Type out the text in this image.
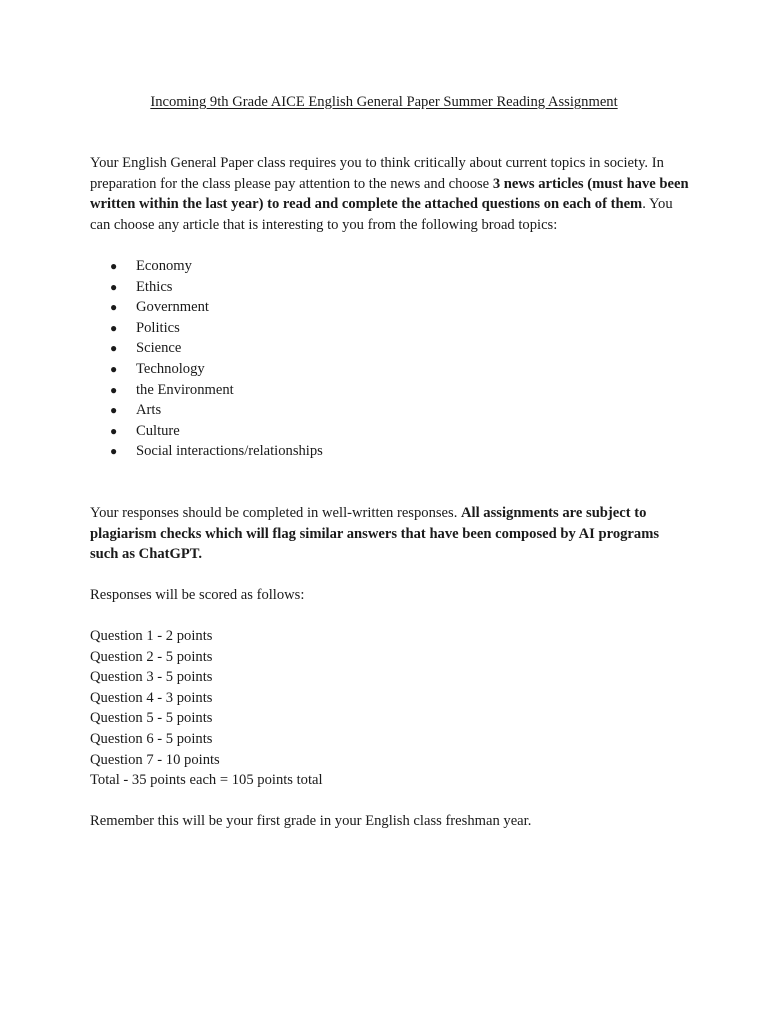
Incoming 9th Grade AICE English General Paper Summer Reading Assignment

Your English General Paper class requires you to think critically about current topics in society. In preparation for the class please pay attention to the news and choose 3 news articles (must have been written within the last year) to read and complete the attached questions on each of them. You can choose any article that is interesting to you from the following broad topics:

● Economy
● Ethics
● Government
● Politics
● Science
● Technology
● the Environment
● Arts
● Culture
● Social interactions/relationships

Your responses should be completed in well-written responses. All assignments are subject to plagiarism checks which will flag similar answers that have been composed by AI programs such as ChatGPT.

Responses will be scored as follows:

Question 1 - 2 points
Question 2 - 5 points
Question 3 - 5 points
Question 4 - 3 points
Question 5 - 5 points
Question 6 - 5 points
Question 7 - 10 points
Total - 35 points each = 105 points total

Remember this will be your first grade in your English class freshman year.
